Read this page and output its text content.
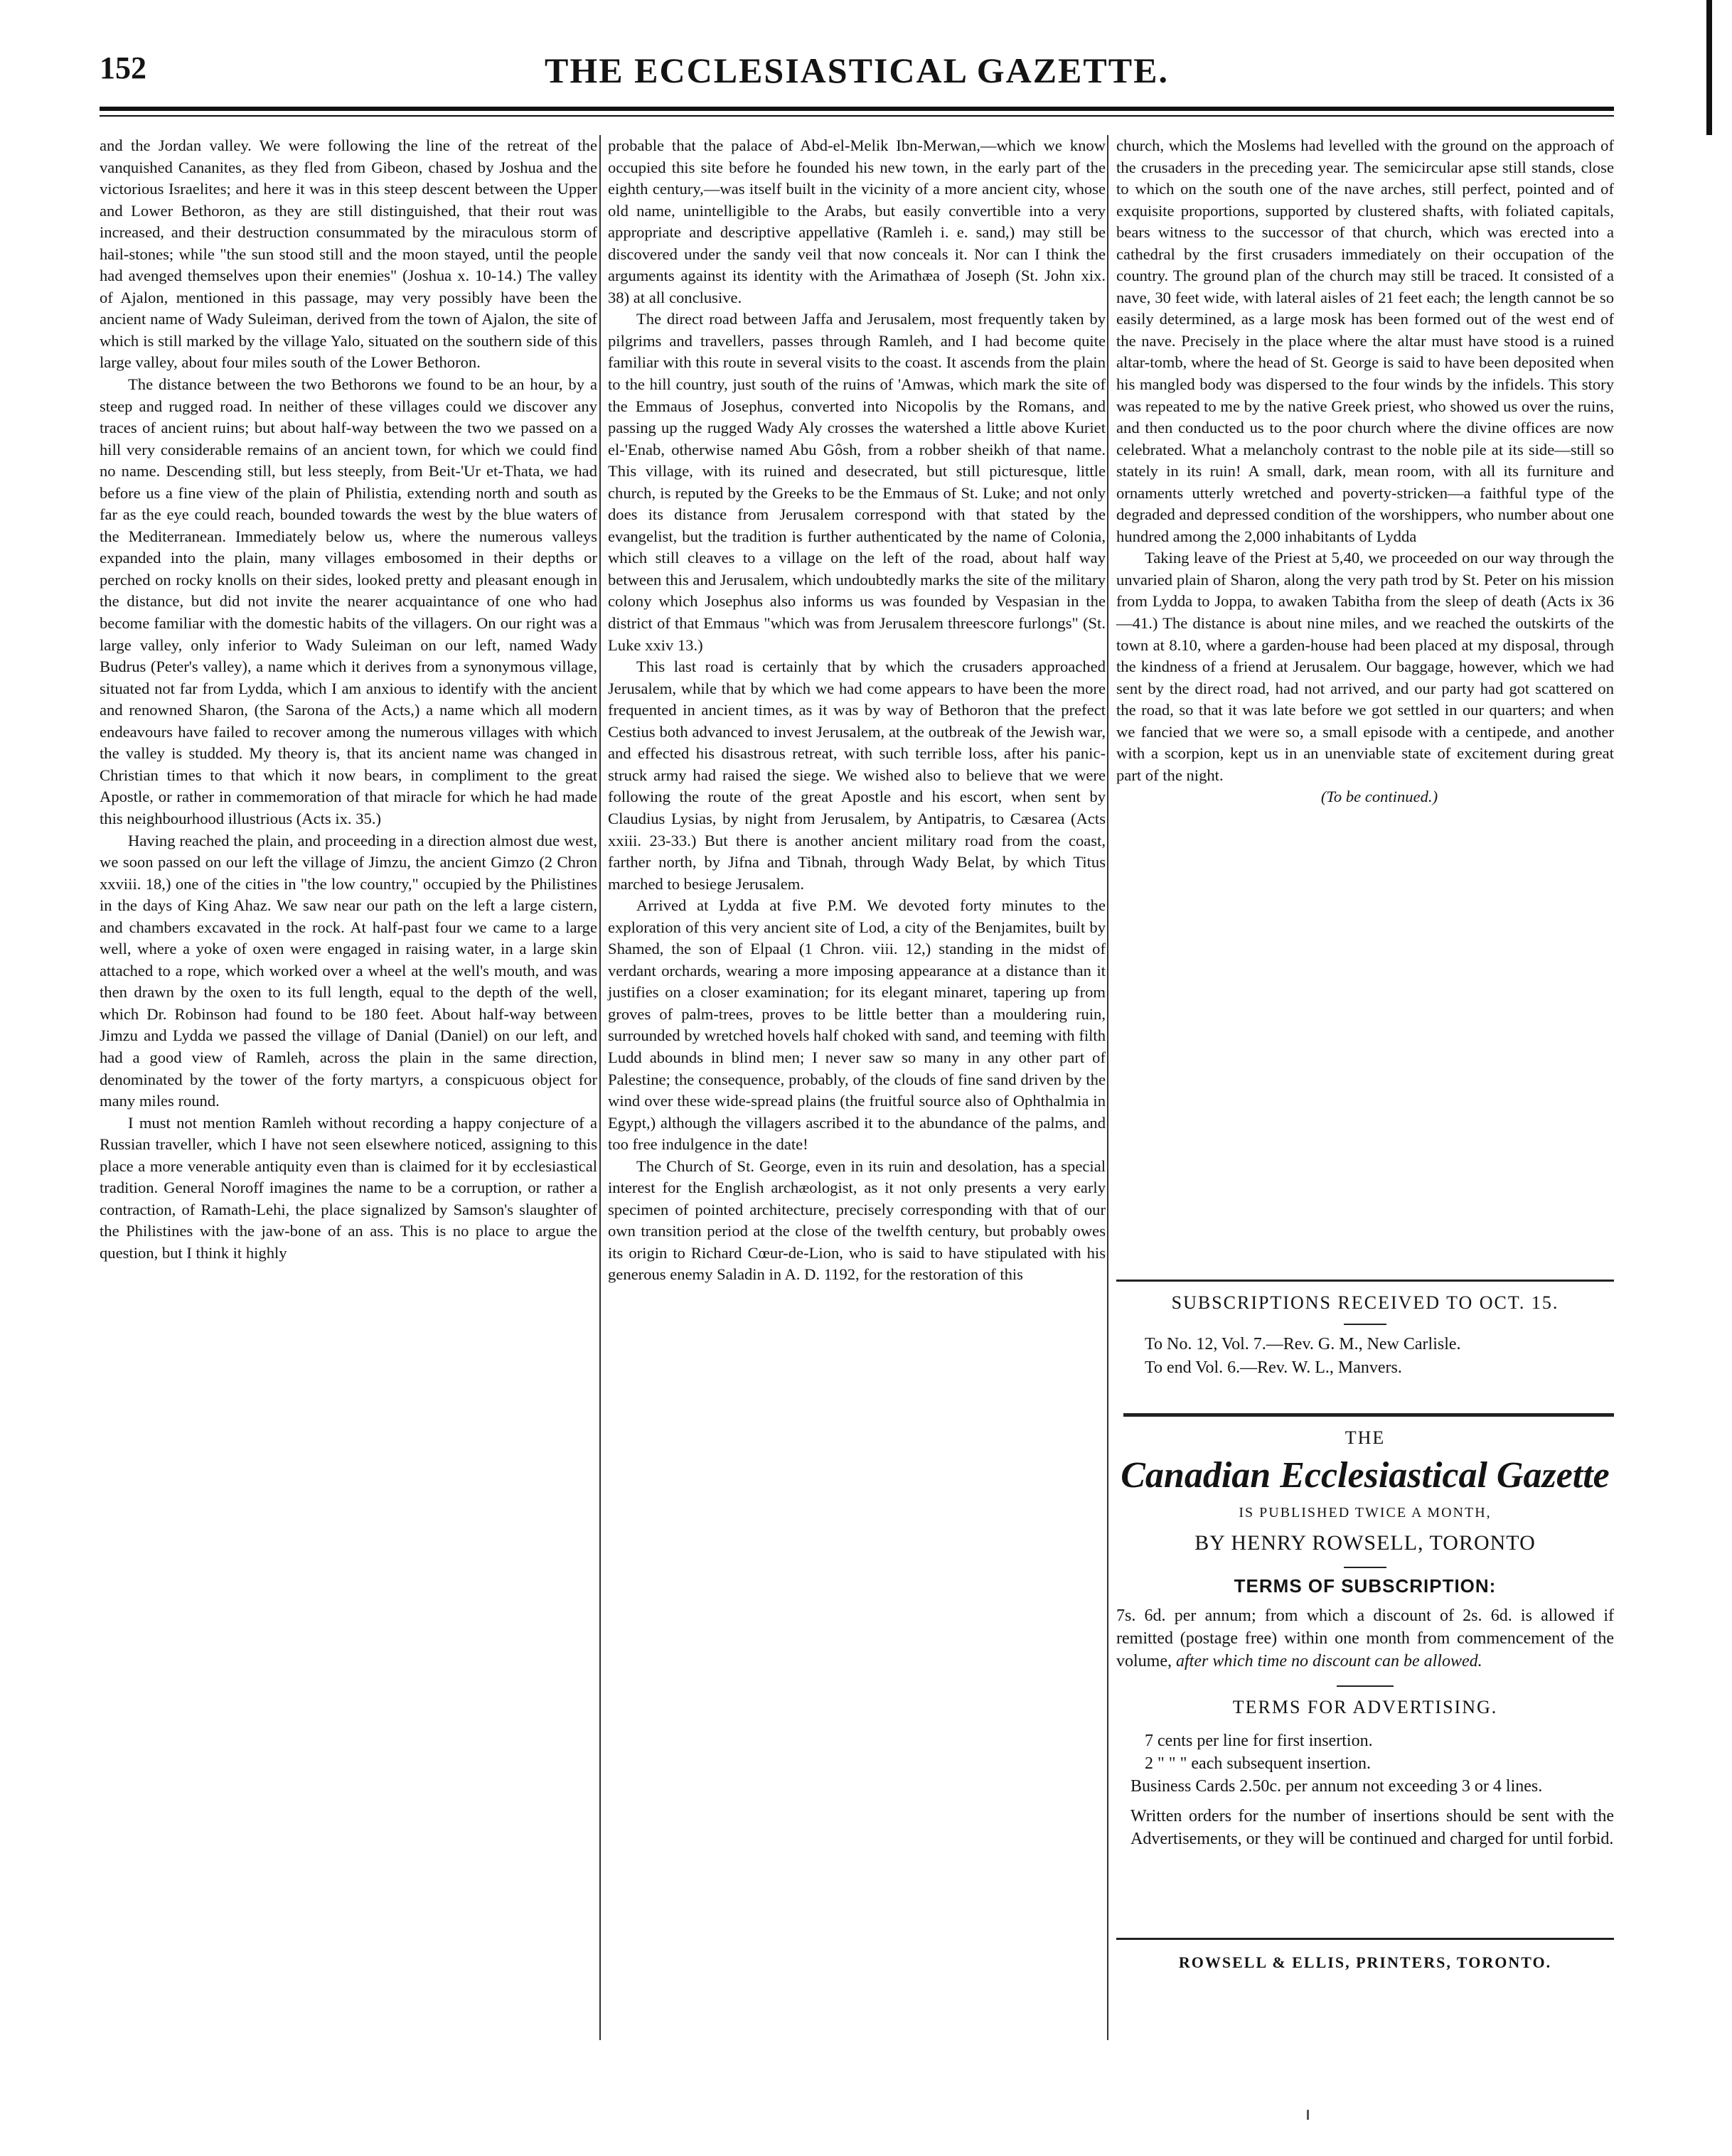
152	THE ECCLESIASTICAL GAZETTE.

and the Jordan valley. We were following the line of the retreat of the vanquished Cananites, as they fled from Gibeon, chased by Joshua and the victorious Israelites; and here it was in this steep descent between the Upper and Lower Bethoron, as they are still distinguished, that their rout was increased, and their destruction consummated by the miraculous storm of hail-stones; while "the sun stood still and the moon stayed, until the people had avenged themselves upon their enemies" (Joshua x. 10-14.) The valley of Ajalon, mentioned in this passage, may very possibly have been the ancient name of Wady Suleiman, derived from the town of Ajalon, the site of which is still marked by the village Yalo, situated on the southern side of this large valley, about four miles south of the Lower Bethoron.

The distance between the two Bethorons we found to be an hour, by a steep and rugged road. In neither of these villages could we discover any traces of ancient ruins; but about half-way between the two we passed on a hill very considerable remains of an ancient town, for which we could find no name. Descending still, but less steeply, from Beit-'Ur et-Thata, we had before us a fine view of the plain of Philistia, extending north and south as far as the eye could reach, bounded towards the west by the blue waters of the Mediterranean. Immediately below us, where the numerous valleys expanded into the plain, many villages embosomed in their depths or perched on rocky knolls on their sides, looked pretty and pleasant enough in the distance, but did not invite the nearer acquaintance of one who had become familiar with the domestic habits of the villagers. On our right was a large valley, only inferior to Wady Suleiman on our left, named Wady Budrus (Peter's valley), a name which it derives from a synonymous village, situated not far from Lydda, which I am anxious to identify with the ancient and renowned Sharon, (the Sarona of the Acts,) a name which all modern endeavours have failed to recover among the numerous villages with which the valley is studded. My theory is, that its ancient name was changed in Christian times to that which it now bears, in compliment to the great Apostle, or rather in commemoration of that miracle for which he had made this neighbourhood illustrious (Acts ix. 35.)

Having reached the plain, and proceeding in a direction almost due west, we soon passed on our left the village of Jimzu, the ancient Gimzo (2 Chron xxviii. 18,) one of the cities in "the low country," occupied by the Philistines in the days of King Ahaz. We saw near our path on the left a large cistern, and chambers excavated in the rock. At half-past four we came to a large well, where a yoke of oxen were engaged in raising water, in a large skin attached to a rope, which worked over a wheel at the well's mouth, and was then drawn by the oxen to its full length, equal to the depth of the well, which Dr. Robinson had found to be 180 feet. About half-way between Jimzu and Lydda we passed the village of Danial (Daniel) on our left, and had a good view of Ramleh, across the plain in the same direction, denominated by the tower of the forty martyrs, a conspicuous object for many miles round.

I must not mention Ramleh without recording a happy conjecture of a Russian traveller, which I have not seen elsewhere noticed, assigning to this place a more venerable antiquity even than is claimed for it by ecclesiastical tradition. General Noroff imagines the name to be a corruption, or rather a contraction, of Ramath-Lehi, the place signalized by Samson's slaughter of the Philistines with the jaw-bone of an ass. This is no place to argue the question, but I think it highly

probable that the palace of Abd-el-Melik Ibn-Merwan,—which we know occupied this site before he founded his new town, in the early part of the eighth century,—was itself built in the vicinity of a more ancient city, whose old name, unintelligible to the Arabs, but easily convertible into a very appropriate and descriptive appellative (Ramleh i. e. sand,) may still be discovered under the sandy veil that now conceals it. Nor can I think the arguments against its identity with the Arimathæa of Joseph (St. John xix. 38) at all conclusive.

The direct road between Jaffa and Jerusalem, most frequently taken by pilgrims and travellers, passes through Ramleh, and I had become quite familiar with this route in several visits to the coast. It ascends from the plain to the hill country, just south of the ruins of 'Amwas, which mark the site of the Emmaus of Josephus, converted into Nicopolis by the Romans, and passing up the rugged Wady Aly crosses the watershed a little above Kuriet el-'Enab, otherwise named Abu Gôsh, from a robber sheikh of that name. This village, with its ruined and desecrated, but still picturesque, little church, is reputed by the Greeks to be the Emmaus of St. Luke; and not only does its distance from Jerusalem correspond with that stated by the evangelist, but the tradition is further authenticated by the name of Colonia, which still cleaves to a village on the left of the road, about half way between this and Jerusalem, which undoubtedly marks the site of the military colony which Josephus also informs us was founded by Vespasian in the district of that Emmaus "which was from Jerusalem threescore furlongs" (St. Luke xxiv 13.)

This last road is certainly that by which the crusaders approached Jerusalem, while that by which we had come appears to have been the more frequented in ancient times, as it was by way of Bethoron that the prefect Cestius both advanced to invest Jerusalem, at the outbreak of the Jewish war, and effected his disastrous retreat, with such terrible loss, after his panic-struck army had raised the siege. We wished also to believe that we were following the route of the great Apostle and his escort, when sent by Claudius Lysias, by night from Jerusalem, by Antipatris, to Cæsarea (Acts xxiii. 23-33.) But there is another ancient military road from the coast, farther north, by Jifna and Tibnah, through Wady Belat, by which Titus marched to besiege Jerusalem.

Arrived at Lydda at five P.M. We devoted forty minutes to the exploration of this very ancient site of Lod, a city of the Benjamites, built by Shamed, the son of Elpaal (1 Chron. viii. 12,) standing in the midst of verdant orchards, wearing a more imposing appearance at a distance than it justifies on a closer examination; for its elegant minaret, tapering up from groves of palm-trees, proves to be little better than a mouldering ruin, surrounded by wretched hovels half choked with sand, and teeming with filth Ludd abounds in blind men; I never saw so many in any other part of Palestine; the consequence, probably, of the clouds of fine sand driven by the wind over these wide-spread plains (the fruitful source also of Ophthalmia in Egypt,) although the villagers ascribed it to the abundance of the palms, and too free indulgence in the date!

The Church of St. George, even in its ruin and desolation, has a special interest for the English archæologist, as it not only presents a very early specimen of pointed architecture, precisely corresponding with that of our own transition period at the close of the twelfth century, but probably owes its origin to Richard Cœur-de-Lion, who is said to have stipulated with his generous enemy Saladin in A. D. 1192, for the restoration of this

church, which the Moslems had levelled with the ground on the approach of the crusaders in the preceding year. The semicircular apse still stands, close to which on the south one of the nave arches, still perfect, pointed and of exquisite proportions, supported by clustered shafts, with foliated capitals, bears witness to the successor of that church, which was erected into a cathedral by the first crusaders immediately on their occupation of the country. The ground plan of the church may still be traced. It consisted of a nave, 30 feet wide, with lateral aisles of 21 feet each; the length cannot be so easily determined, as a large mosk has been formed out of the west end of the nave. Precisely in the place where the altar must have stood is a ruined altar-tomb, where the head of St. George is said to have been deposited when his mangled body was dispersed to the four winds by the infidels. This story was repeated to me by the native Greek priest, who showed us over the ruins, and then conducted us to the poor church where the divine offices are now celebrated. What a melancholy contrast to the noble pile at its side—still so stately in its ruin! A small, dark, mean room, with all its furniture and ornaments utterly wretched and poverty-stricken—a faithful type of the degraded and depressed condition of the worshippers, who number about one hundred among the 2,000 inhabitants of Lydda

Taking leave of the Priest at 5,40, we proceeded on our way through the unvaried plain of Sharon, along the very path trod by St. Peter on his mission from Lydda to Joppa, to awaken Tabitha from the sleep of death (Acts ix 36—41.) The distance is about nine miles, and we reached the outskirts of the town at 8.10, where a garden-house had been placed at my disposal, through the kindness of a friend at Jerusalem. Our baggage, however, which we had sent by the direct road, had not arrived, and our party had got scattered on the road, so that it was late before we got settled in our quarters; and when we fancied that we were so, a small episode with a centipede, and another with a scorpion, kept us in an unenviable state of excitement during great part of the night.

(To be continued.)

SUBSCRIPTIONS RECEIVED TO OCT. 15.
To No. 12, Vol. 7.—Rev. G. M., New Carlisle.
To end Vol. 6.—Rev. W. L., Manvers.
THE
Canadian Ecclesiastical Gazette
IS PUBLISHED TWICE A MONTH,
BY HENRY ROWSELL, TORONTO
TERMS OF SUBSCRIPTION:
7s. 6d. per annum; from which a discount of 2s. 6d. is allowed if remitted (postage free) within one month from commencement of the volume, after which time no discount can be allowed.
TERMS FOR ADVERTISING.
7 cents per line for first insertion.
2 " " " each subsequent insertion.
Business Cards 2.50c. per annum not exceeding 3 or 4 lines.
Written orders for the number of insertions should be sent with the Advertisements, or they will be continued and charged for until forbid.
ROWSELL & ELLIS, PRINTERS, TORONTO.
